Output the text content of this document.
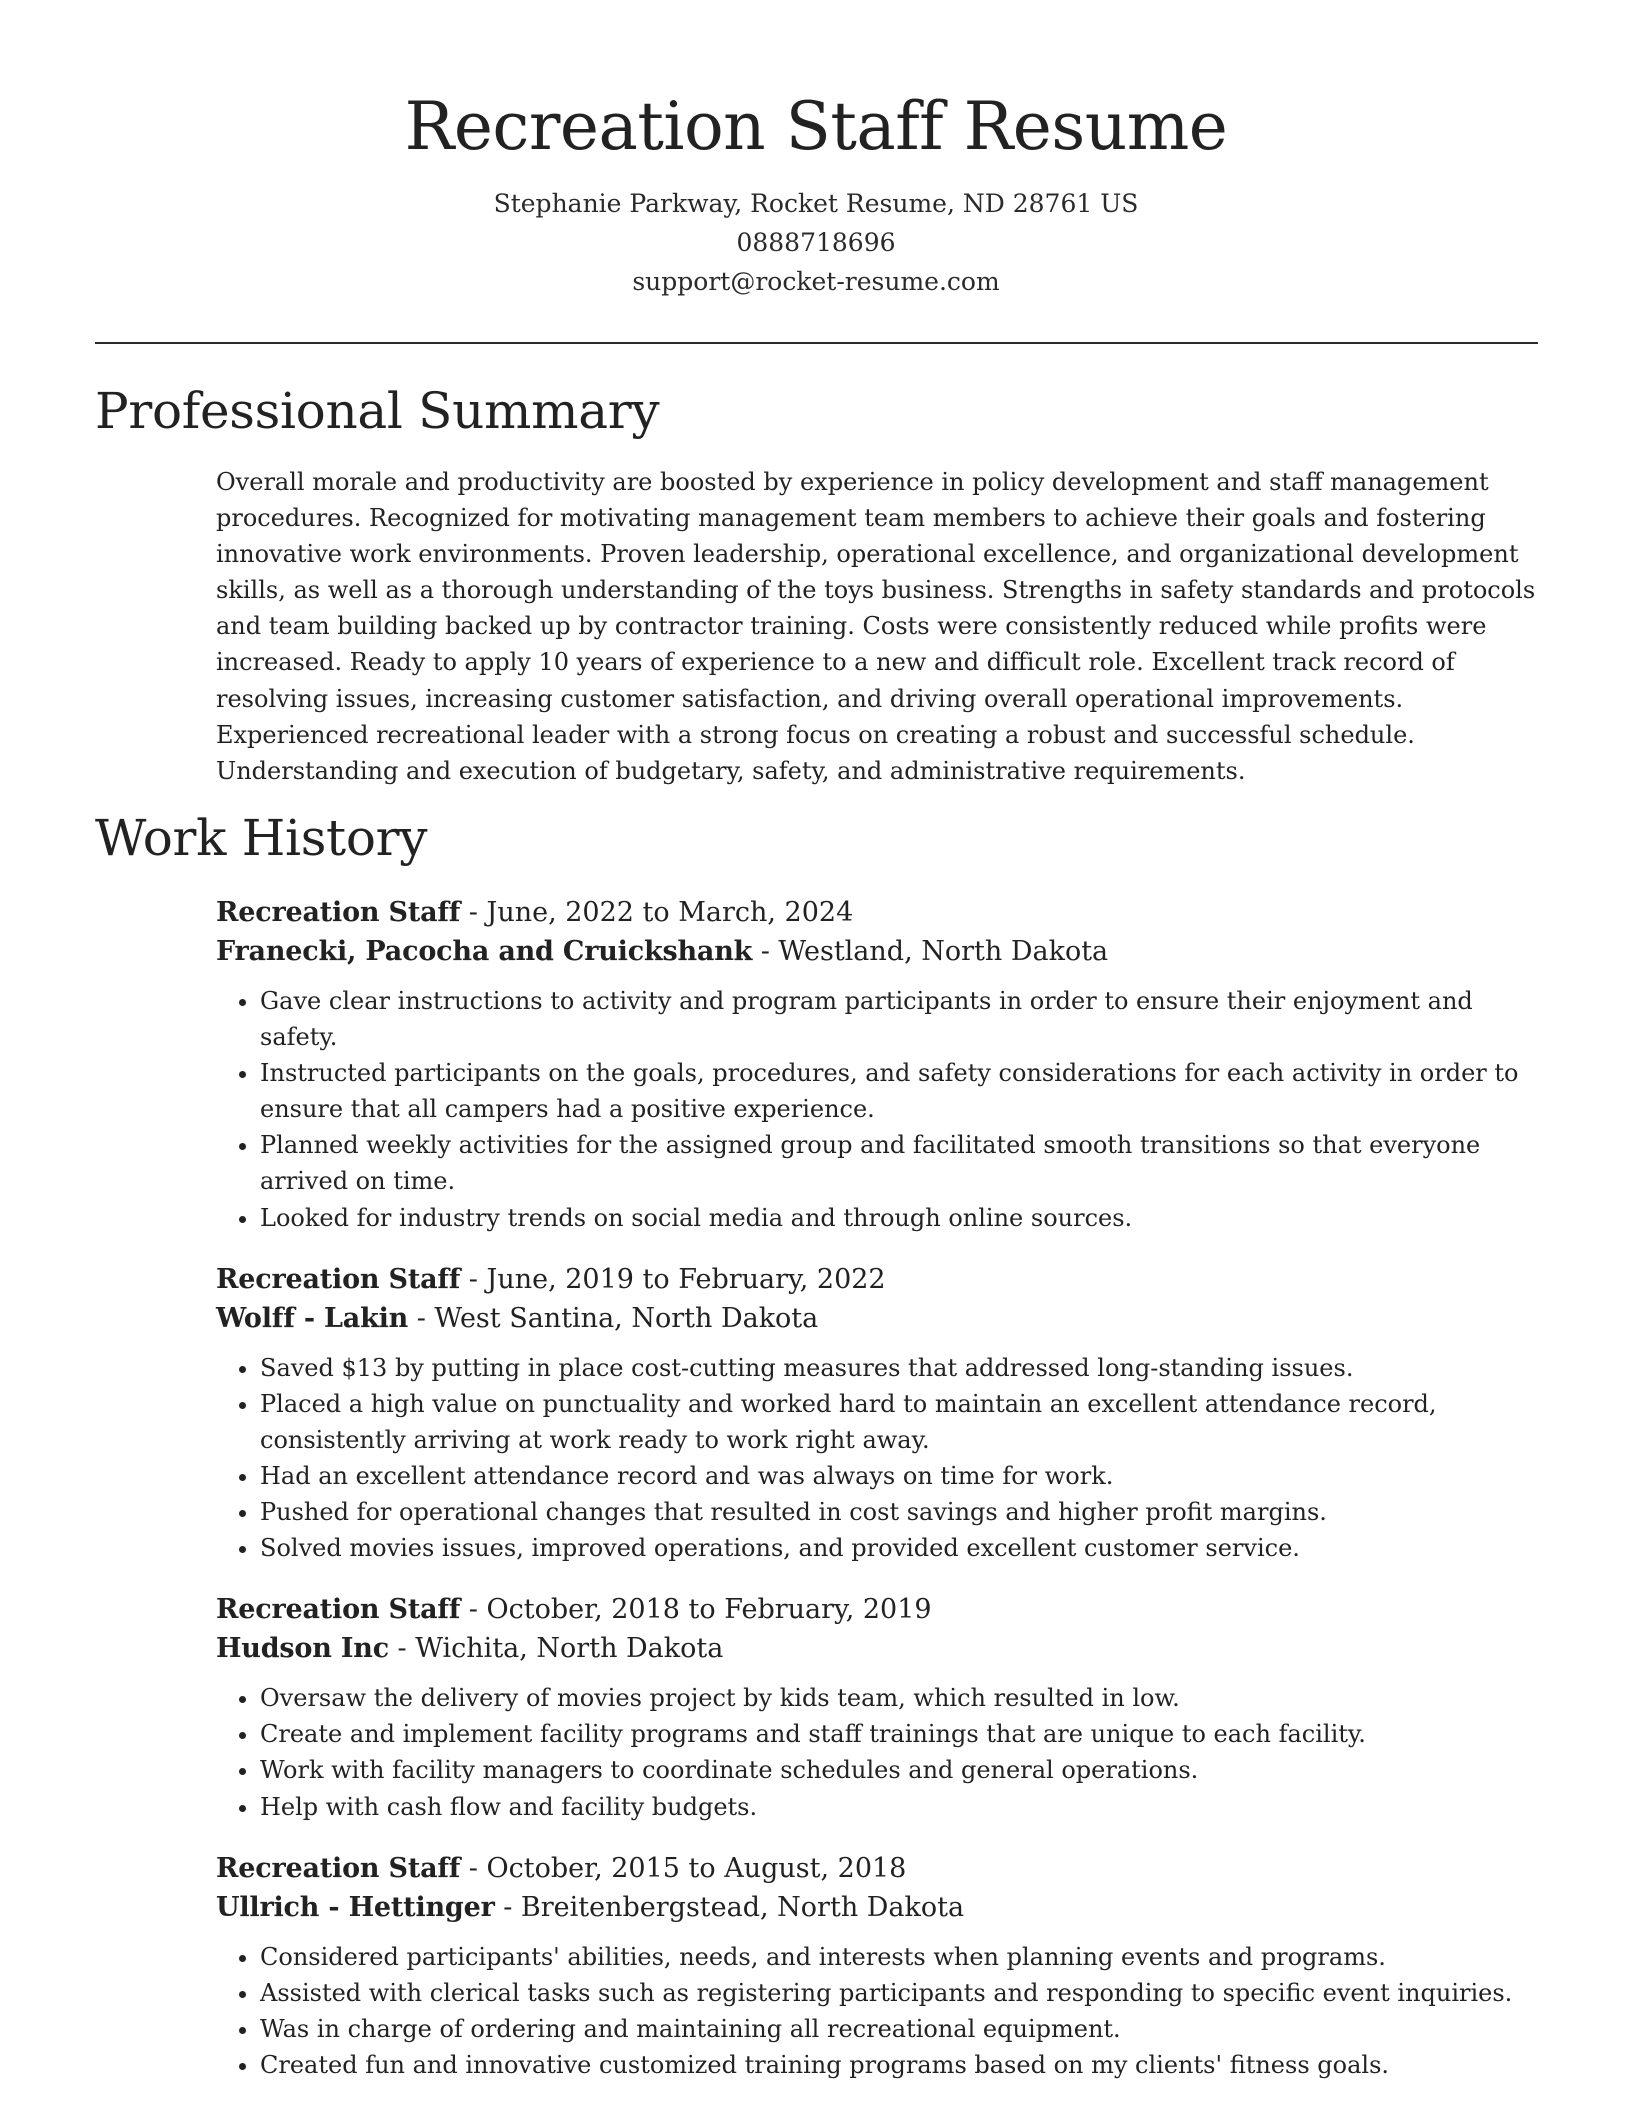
Recreation Staff Resume
Stephanie Parkway, Rocket Resume, ND 28761 US
0888718696
support@rocket-resume.com
Professional Summary

Overall morale and productivity are boosted by experience in policy development and staff management procedures. Recognized for motivating management team members to achieve their goals and fostering innovative work environments. Proven leadership, operational excellence, and organizational development skills, as well as a thorough understanding of the toys business. Strengths in safety standards and protocols and team building backed up by contractor training. Costs were consistently reduced while profits were increased. Ready to apply 10 years of experience to a new and difficult role. Excellent track record of resolving issues, increasing customer satisfaction, and driving overall operational improvements. Experienced recreational leader with a strong focus on creating a robust and successful schedule. Understanding and execution of budgetary, safety, and administrative requirements.

Work History
Recreation Staff - June, 2022 to March, 2024
Franecki, Pacocha and Cruickshank - Westland, North Dakota
• Gave clear instructions to activity and program participants in order to ensure their enjoyment and safety.
• Instructed participants on the goals, procedures, and safety considerations for each activity in order to ensure that all campers had a positive experience.
• Planned weekly activities for the assigned group and facilitated smooth transitions so that everyone arrived on time.
• Looked for industry trends on social media and through online sources.
Recreation Staff - June, 2019 to February, 2022
Wolff - Lakin - West Santina, North Dakota
• Saved $13 by putting in place cost-cutting measures that addressed long-standing issues.
• Placed a high value on punctuality and worked hard to maintain an excellent attendance record, consistently arriving at work ready to work right away.
• Had an excellent attendance record and was always on time for work.
• Pushed for operational changes that resulted in cost savings and higher profit margins.
• Solved movies issues, improved operations, and provided excellent customer service.
Recreation Staff - October, 2018 to February, 2019
Hudson Inc - Wichita, North Dakota
• Oversaw the delivery of movies project by kids team, which resulted in low.
• Create and implement facility programs and staff trainings that are unique to each facility.
• Work with facility managers to coordinate schedules and general operations.
• Help with cash flow and facility budgets.
Recreation Staff - October, 2015 to August, 2018
Ullrich - Hettinger - Breitenbergstead, North Dakota
• Considered participants' abilities, needs, and interests when planning events and programs.
• Assisted with clerical tasks such as registering participants and responding to specific event inquiries.
• Was in charge of ordering and maintaining all recreational equipment.
• Created fun and innovative customized training programs based on my clients' fitness goals.
